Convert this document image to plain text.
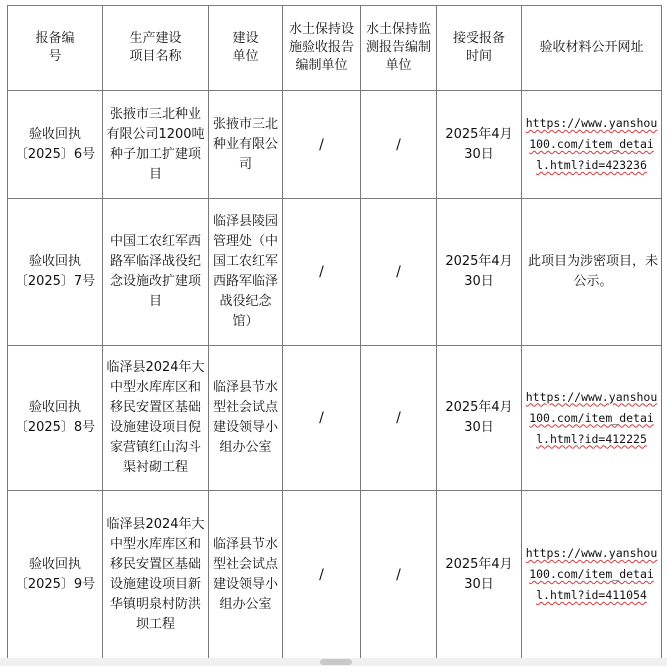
报备编号	生产建设项目名称	建设单位	水土保持设施验收报告编制单位	水土保持监测报告编制单位	接受报备时间	验收材料公开网址
验收回执〔2025〕6号	张掖市三北种业有限公司1200吨种子加工扩建项目	张掖市三北种业有限公司	/	/	2025年4月30日	https://www.yanshou100.com/item_detail.html?id=423236
验收回执〔2025〕7号	中国工农红军西路军临泽战役纪念设施改扩建项目	临泽县陵园管理处（中国工农红军西路军临泽战役纪念馆）	/	/	2025年4月30日	此项目为涉密项目，未公示。
验收回执〔2025〕8号	临泽县2024年大中型水库库区和移民安置区基础设施建设项目倪家营镇红山沟斗渠衬砌工程	临泽县节水型社会试点建设领导小组办公室	/	/	2025年4月30日	https://www.yanshou100.com/item_detail.html?id=412225
验收回执〔2025〕9号	临泽县2024年大中型水库库区和移民安置区基础设施建设项目新华镇明泉村防洪坝工程	临泽县节水型社会试点建设领导小组办公室	/	/	2025年4月30日	https://www.yanshou100.com/item_detail.html?id=411054
